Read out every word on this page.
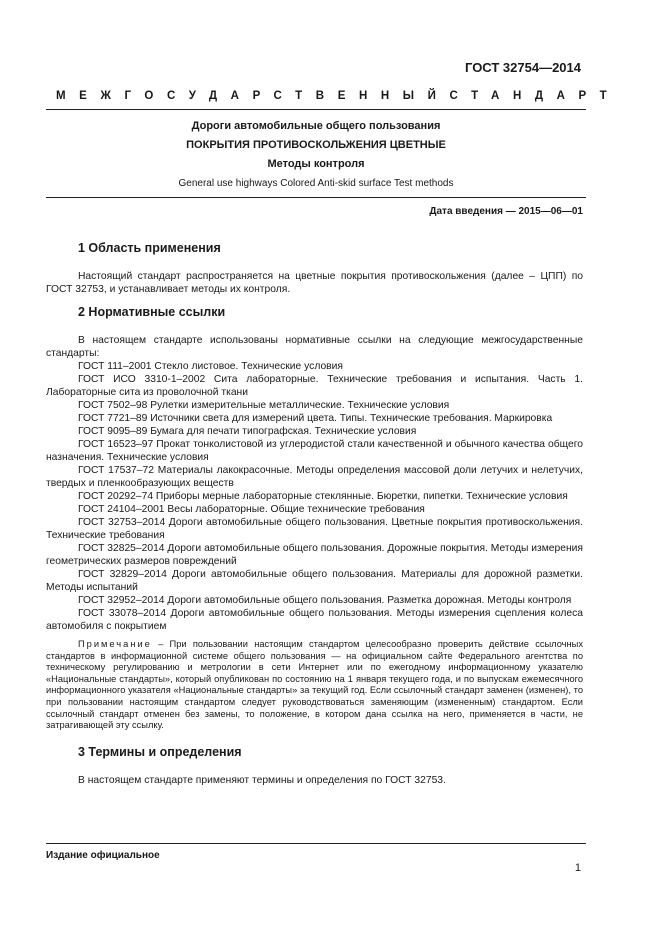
ГОСТ 32754—2014
МЕЖГОСУДАРСТВЕННЫЙ СТАНДАРТ
Дороги автомобильные общего пользования
ПОКРЫТИЯ ПРОТИВОСКОЛЬЖЕНИЯ ЦВЕТНЫЕ
Методы контроля
General use highways Colored Anti-skid surface Test methods
Дата введения — 2015—06—01
1 Область применения

Настоящий стандарт распространяется на цветные покрытия противоскольжения (далее – ЦПП) по ГОСТ 32753, и устанавливает методы их контроля.

2 Нормативные ссылки

В настоящем стандарте использованы нормативные ссылки на следующие межгосударственные стандарты:

ГОСТ 111–2001 Стекло листовое. Технические условия

ГОСТ ИСО 3310-1–2002 Сита лабораторные. Технические требования и испытания. Часть 1. Лабораторные сита из проволочной ткани

ГОСТ 7502–98 Рулетки измерительные металлические. Технические условия

ГОСТ 7721–89 Источники света для измерений цвета. Типы. Технические требования. Маркировка

ГОСТ 9095–89 Бумага для печати типографская. Технические условия

ГОСТ 16523–97 Прокат тонколистовой из углеродистой стали качественной и обычного качества общего назначения. Технические условия

ГОСТ 17537–72 Материалы лакокрасочные. Методы определения массовой доли летучих и нелетучих, твердых и пленкообразующих веществ

ГОСТ 20292–74 Приборы мерные лабораторные стеклянные. Бюретки, пипетки. Технические условия

ГОСТ 24104–2001 Весы лабораторные. Общие технические требования

ГОСТ 32753–2014 Дороги автомобильные общего пользования. Цветные покрытия противоскольжения. Технические требования

ГОСТ 32825–2014 Дороги автомобильные общего пользования. Дорожные покрытия. Методы измерения геометрических размеров повреждений

ГОСТ 32829–2014 Дороги автомобильные общего пользования. Материалы для дорожной разметки. Методы испытаний

ГОСТ 32952–2014 Дороги автомобильные общего пользования. Разметка дорожная. Методы контроля

ГОСТ 33078–2014 Дороги автомобильные общего пользования. Методы измерения сцепления колеса автомобиля с покрытием

Примечание – При пользовании настоящим стандартом целесообразно проверить действие ссылочных стандартов в информационной системе общего пользования — на официальном сайте Федерального агентства по техническому регулированию и метрологии в сети Интернет или по ежегодному информационному указателю «Национальные стандарты», который опубликован по состоянию на 1 января текущего года, и по выпускам ежемесячного информационного указателя «Национальные стандарты» за текущий год. Если ссылочный стандарт заменен (изменен), то при пользовании настоящим стандартом следует руководствоваться заменяющим (измененным) стандартом. Если ссылочный стандарт отменен без замены, то положение, в котором дана ссылка на него, применяется в части, не затрагивающей эту ссылку.

3 Термины и определения

В настоящем стандарте применяют термины и определения по ГОСТ 32753.

Издание официальное
1
